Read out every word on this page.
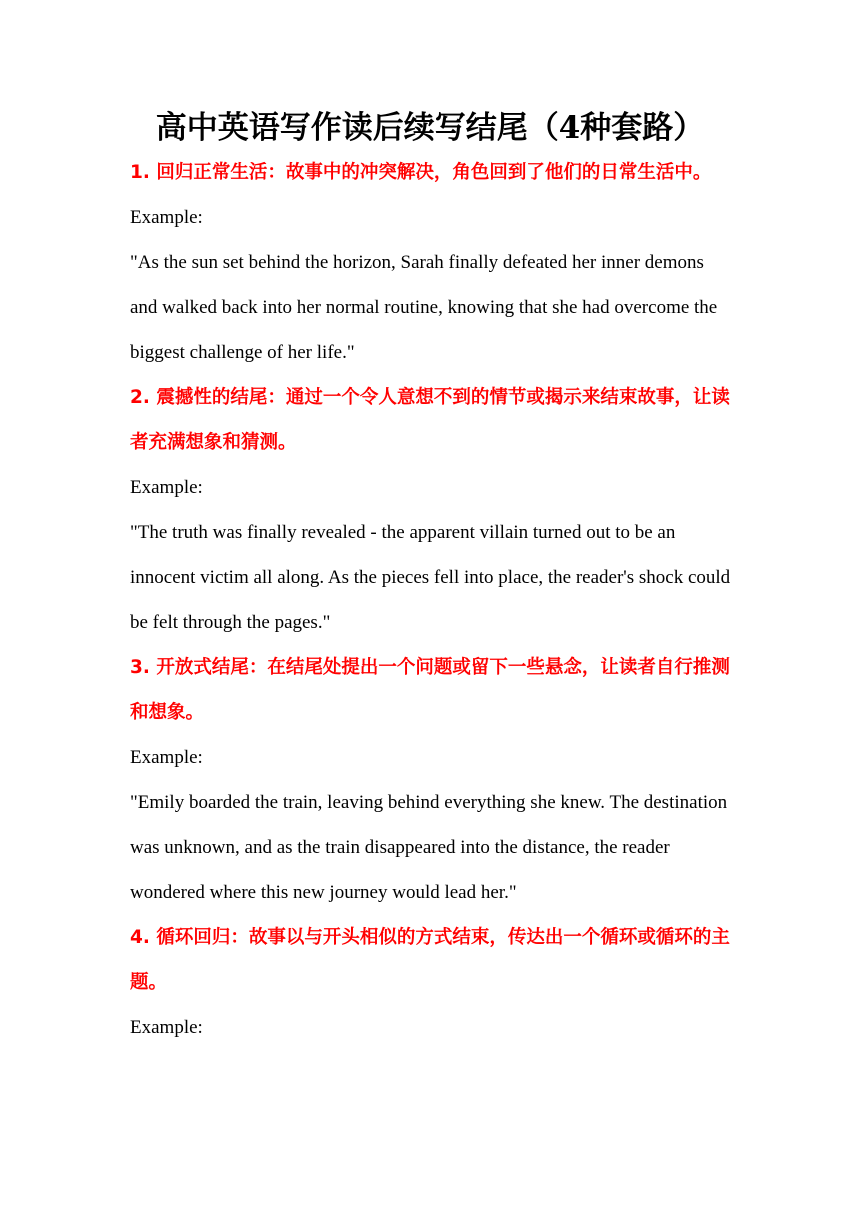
高中英语写作读后续写结尾（4种套路）

1. 回归正常生活：故事中的冲突解决，角色回到了他们的日常生活中。

Example:

"As the sun set behind the horizon, Sarah finally defeated her inner demons and walked back into her normal routine, knowing that she had overcome the biggest challenge of her life."

2. 震撼性的结尾：通过一个令人意想不到的情节或揭示来结束故事，让读者充满想象和猜测。

Example:

"The truth was finally revealed - the apparent villain turned out to be an innocent victim all along. As the pieces fell into place, the reader's shock could be felt through the pages."

3. 开放式结尾：在结尾处提出一个问题或留下一些悬念，让读者自行推测和想象。

Example:

"Emily boarded the train, leaving behind everything she knew. The destination was unknown, and as the train disappeared into the distance, the reader wondered where this new journey would lead her."

4. 循环回归：故事以与开头相似的方式结束，传达出一个循环或循环的主题。

Example:
